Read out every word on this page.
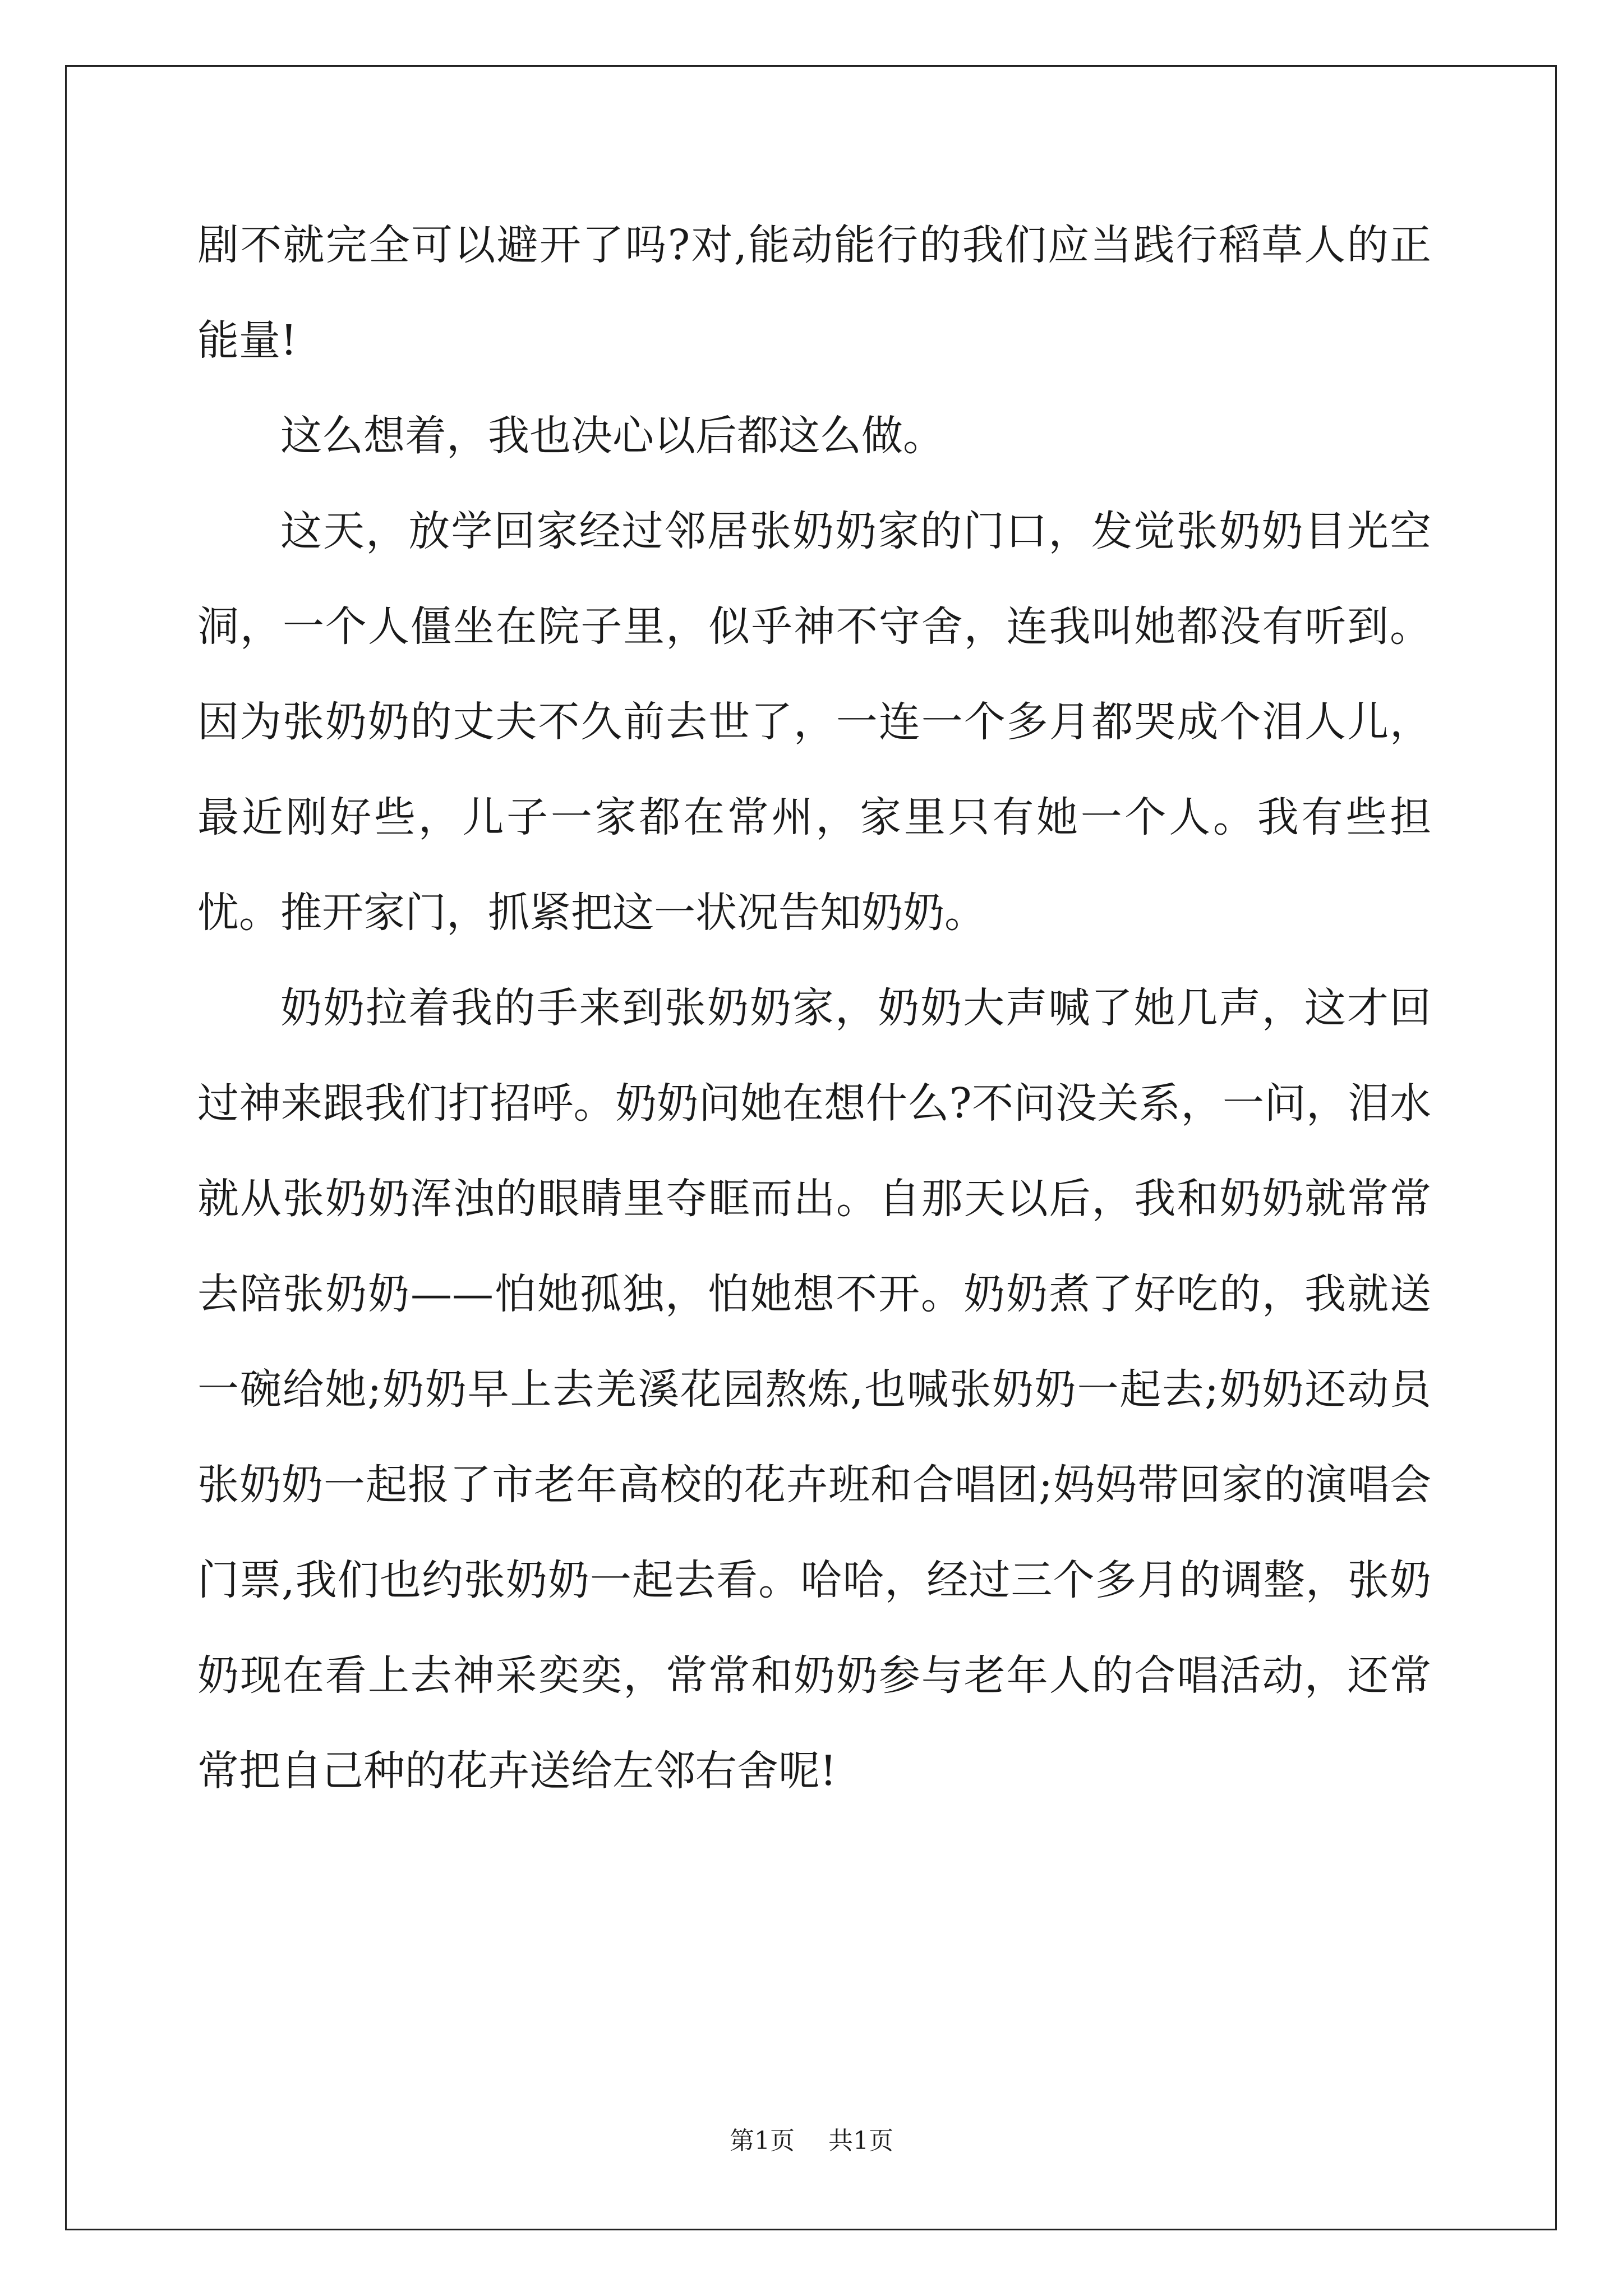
剧不就完全可以避开了吗?对,能动能行的我们应当践行稻草人的正能量!

这么想着，我也决心以后都这么做。

这天，放学回家经过邻居张奶奶家的门口，发觉张奶奶目光空洞，一个人僵坐在院子里，似乎神不守舍，连我叫她都没有听到。因为张奶奶的丈夫不久前去世了，一连一个多月都哭成个泪人儿，最近刚好些，儿子一家都在常州，家里只有她一个人。我有些担忧。推开家门，抓紧把这一状况告知奶奶。

奶奶拉着我的手来到张奶奶家，奶奶大声喊了她几声，这才回过神来跟我们打招呼。奶奶问她在想什么?不问没关系，一问，泪水就从张奶奶浑浊的眼睛里夺眶而出。自那天以后，我和奶奶就常常去陪张奶奶——怕她孤独，怕她想不开。奶奶煮了好吃的，我就送一碗给她;奶奶早上去羌溪花园熬炼,也喊张奶奶一起去;奶奶还动员张奶奶一起报了市老年高校的花卉班和合唱团;妈妈带回家的演唱会门票,我们也约张奶奶一起去看。哈哈，经过三个多月的调整，张奶奶现在看上去神采奕奕，常常和奶奶参与老年人的合唱活动，还常常把自己种的花卉送给左邻右舍呢!

第1页 共1页
